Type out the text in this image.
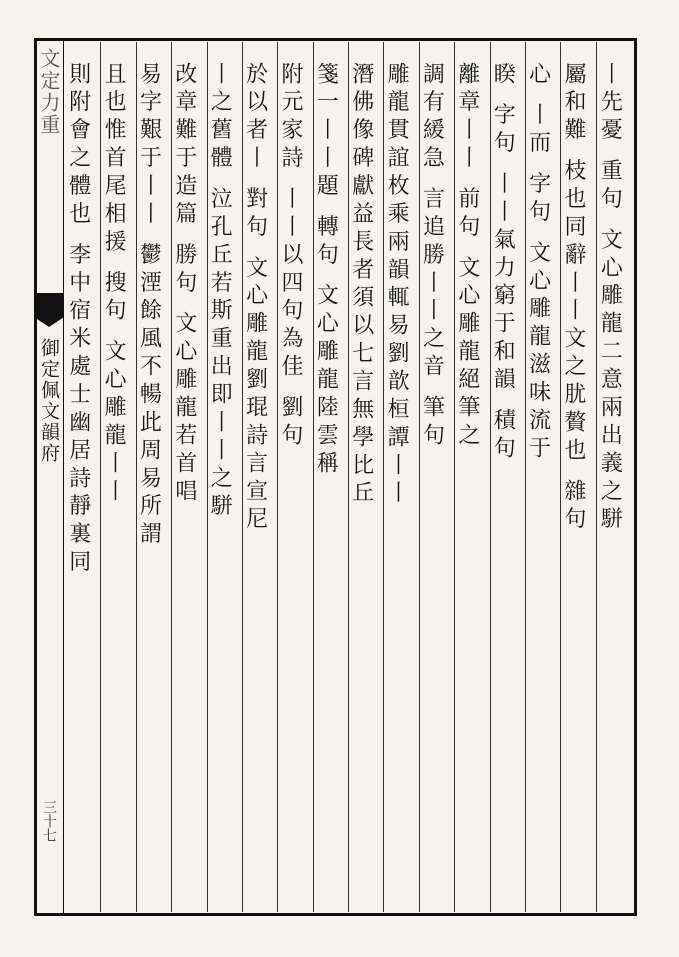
文定力重
御定佩文韻府
三十七
丨先憂 重句 文心雕龍二意兩出義之駢
屬和難 枝也同辭丨丨文之肬贅也 雜句
心 丨而 字句 文心雕龍滋味流于
睽 字句 丨丨氣力窮于和韻 積句
離章丨丨 前句 文心雕龍絕筆之
調有緩急 言追勝丨丨之音 筆句
雕龍貫誼枚乘兩韻輒易劉歆桓譚丨丨
潛佛像碑獻益長者須以七言無學比丘
箋一丨丨題 轉句 文心雕龍陸雲稱
附元家詩 丨丨以四句為佳 劉句
於以者丨 對句 文心雕龍劉琨詩言宣尼
丨之舊體 泣孔丘若斯重出即丨丨之駢
改章難于造篇 勝句 文心雕龍若首唱
易字艱于丨丨 鬱湮餘風不暢此周易所謂
且也惟首尾相援 搜句 文心雕龍丨丨
則附會之體也 李中宿米處士幽居詩靜裏同
